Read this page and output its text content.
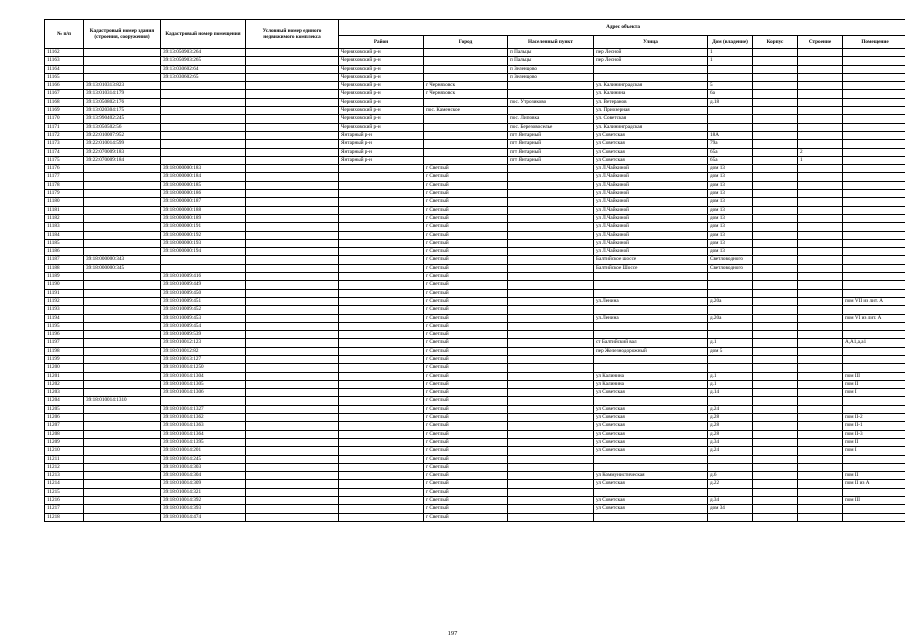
№ п/п	Кадастровый номер здания (строения, сооружения)	Кадастровый номер помещения	Условный номер единого недвижимого комплекса	Адрес объекта							
				Район	Город	Населенный пункт	Улица	Дом (владение)	Корпус	Строение	Помещение
11162		39:13:050903:264		Черняховский р-н		п Пальцы	пер Лесной	1			
11163		39:13:050903:265		Черняховский р-н		п Пальцы	пер Лесной	1			
11164		39:13:030602:64		Черняховский р-н		п Зеленцово					
11165		39:13:030602:65		Черняховский р-н		п Зеленцово					
11166	39:13:010313:823			Черняховский р-н	г Черняховск		ул. Калининградская	5			
11167	39:13:010314:179			Черняховский р-н	г Черняховск		ул. Калинина	6а			
11168	39:13:050802:176			Черняховский р-н		пос. Утрозиково	ул. Ветеранов	д.18			
11169	39:13:020304:175			Черняховский р-н	пос. Каменское		ул. Приозерная				
11170	39:13:990402:245			Черняховский р-н		пос. Липовка	ул. Советская				
11171	39:13:050502:56			Черняховский р-н		пос. Березовоселье	ул. Калининградская				
11172	39:22:010007:952			Янтарный р-н		пгт Янтарный	ул Советская	18А			
11173	39:22:010014:599			Янтарный р-н		пгт Янтарный	ул Советская	79а			
11174	39:22:070009:183			Янтарный р-н		пгт Янтарный	ул Советская	65а		2	
11175	39:22:070009:184			Янтарный р-н		пгт Янтарный	ул Советская	65а		1	
11176		39:18:000000:183			г Светлый		ул Л.Чайкиной	дом 13			
11177		39:18:000000:184			г Светлый		ул Л.Чайкиной	дом 13			
11178		39:18:000000:185			г Светлый		ул Л.Чайкиной	дом 13			
11179		39:18:000000:186			г Светлый		ул Л.Чайкиной	дом 13			
11180		39:18:000000:187			г Светлый		ул Л.Чайкиной	дом 13			
11181		39:18:000000:188			г Светлый		ул Л.Чайкиной	дом 13			
11182		39:18:000000:189			г Светлый		ул Л.Чайкиной	дом 13			
11183		39:18:000000:191			г Светлый		ул Л.Чайкиной	дом 13			
11184		39:18:000000:192			г Светлый		ул Л.Чайкиной	дом 13			
11185		39:18:000000:193			г Светлый		ул Л.Чайкиной	дом 13			
11186		39:18:000000:194			г Светлый		ул Л.Чайкиной	дом 13			
11187	39:18:000000:343				г Светлый		Балтийское шоссе	Светловодного			
11188	39:18:000000:345				г Светлый		Балтийское Шоссе	Светловодного			
11189		39:18:010009:416			г Светлый						
11190		39:18:010009:449			г Светлый						
11191		39:18:010009:450			г Светлый						
11192		39:18:010009:451			г Светлый		ул.Ленина	д.20а			пом VII из лит. А
11193		39:18:010009:452			г Светлый						
11194		39:18:010009:453			г Светлый		ул.Ленина	д.20а			пом VI из лит. А
11195		39:18:010009:454			г Светлый						
11196		39:18:010009:539			г Светлый						
11197		39:18:010012:123			г Светлый		ст Балтийский вал	д.1			А,А1,а,а1
11198		39:18:010012:82			г Светлый		пер Железнодорожный	дом 5			
11199		39:18:010013:127			г Светлый						
11200		39:18:010014:1250			г Светлый						
11201		39:18:010014:1304			г Светлый		ул Калинина	д.1			пом III
11202		39:18:010014:1305			г Светлый		ул Калинина	д.1			пом II
11203		39:18:010014:1306			г Светлый		ул Советская	д.14			пом I
11204	39:18:010014:1310				г Светлый						
11205		39:18:010014:1327			г Светлый		ул Советская	д.24			
11206		39:18:010014:1362			г Светлый		ул Советская	д.28			пом II-2
11207		39:18:010014:1363			г Светлый		ул Советская	д.28			пом II-1
11208		39:18:010014:1364			г Светлый		ул Советская	д.28			пом II-3
11209		39:18:010014:1395			г Светлый		ул Советская	д.34			пом II
11210		39:18:010014:201			г Светлый		ул Советская	д.24			пом I
11211		39:18:010014:245			г Светлый						
11212		39:18:010014:303			г Светлый						
11213		39:18:010014:304			г Светлый		ул Коммунистическая	д.6			пом II
11214		39:18:010014:309			г Светлый		ул Советская	д.22			пом II из А
11215		39:18:010014:321			г Светлый						
11216		39:18:010014:392			г Светлый		ул Советская	д.34			пом III
11217		39:18:010014:393			г Светлый		ул Советская	дом 34			
11218		39:18:010014:474			г Светлый						
197
